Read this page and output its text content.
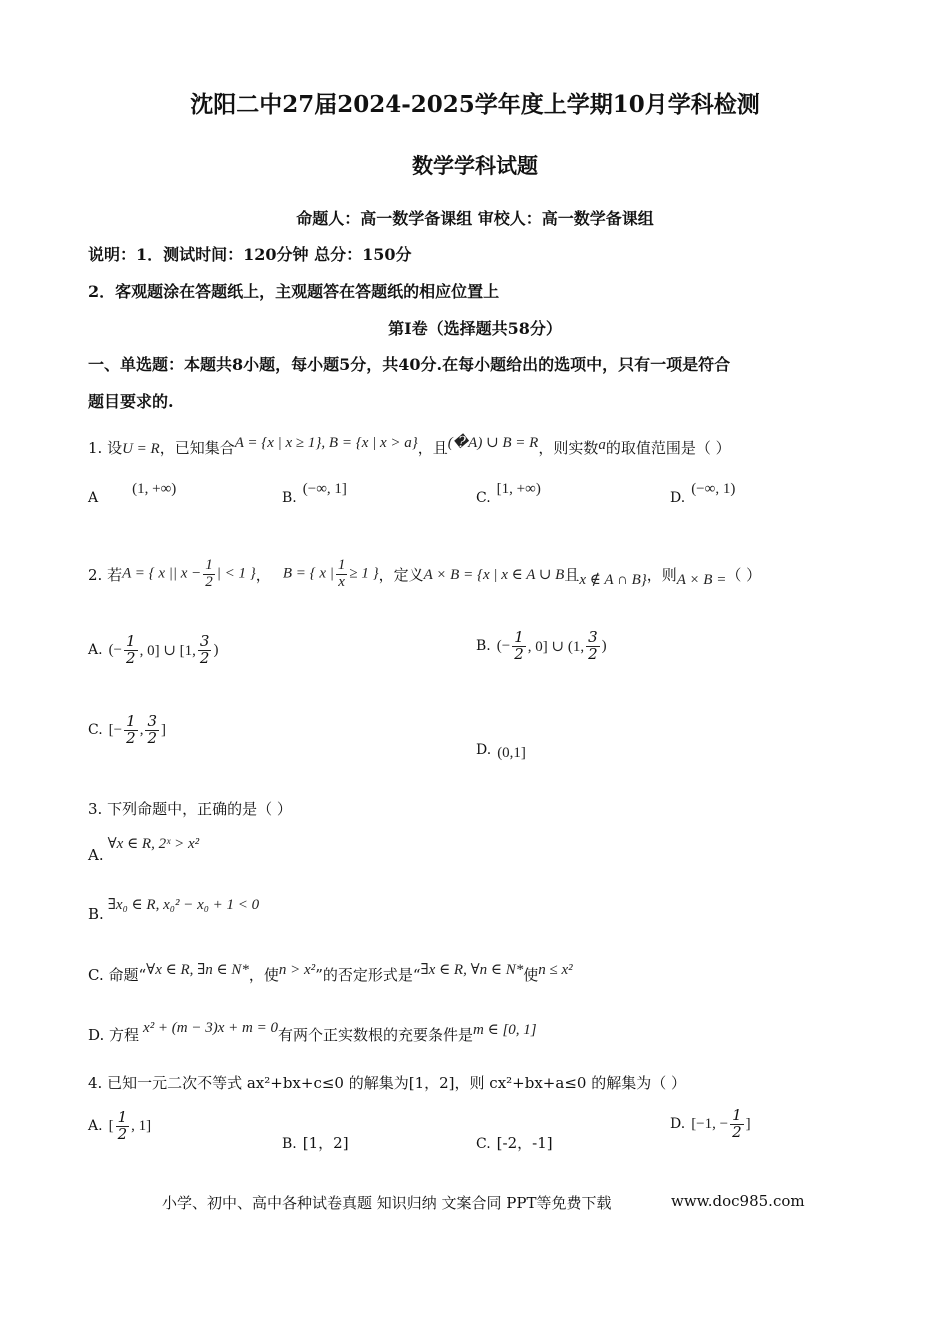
沈阳二中27届2024-2025学年度上学期10月学科检测
数学学科试题
命题人：高一数学备课组 审校人：高一数学备课组
说明：1．测试时间：120分钟 总分：150分
2．客观题涂在答题纸上，主观题答在答题纸的相应位置上
第Ⅰ卷（选择题共58分）
一、单选题：本题共8小题，每小题5分，共40分.在每小题给出的选项中，只有一项是符合
题目要求的.
1. 设U = R，已知集合A = {x | x ≥ 1}, B = {x | x > a}，且(�A) ∪ B = R，则实数a的取值范围是（ ）
A(1, +∞)
B.(−∞, 1]
C.[1, +∞)
D.(−∞, 1)
2. 若 A = { x || $x - \frac{1}{2}$ | < 1 } ， B = { x | $\frac{1}{x} \ge 1$ } ，定义 A × B = {x | x ∈ A ∪ B 且 x ∉ A ∩ B} ，则 A × B = （ ）
A. (− $\frac{1}{2}$ , 0] ∪ [1, $\frac{3}{2}$ )	B. (− $\frac{1}{2}$ , 0] ∪ (1, $\frac{3}{2}$ )
C. [− $\frac{1}{2}$ , $\frac{3}{2}$ ]
D. (0,1]
3. 下列命题中，正确的是（ ）
A.∀x ∈ R, 2ˣ > x²
B. ∃x₀ ∈ R, x₀² − x₀ + 1 < 0
C. 命题“∀x ∈ R, ∃n ∈ N*，使n > x²”的否定形式是“∃x ∈ R, ∀n ∈ N*使n ≤ x²
D. 方程 x² + (m − 3)x + m = 0有两个正实数根的充要条件是m ∈ [0, 1]
4. 已知一元二次不等式 ax²+bx+c≤0 的解集为[1，2]，则 cx²+bx+a≤0 的解集为（ ）
A. [ $\frac{1}{2}$ , 1]
B. [1，2]	C. [-2，-1]
D. [−1, − $\frac{1}{2}$ ]
小学、初中、高中各种试卷真题 知识归纳 文案合同 PPT等免费下载	www.doc985.com
